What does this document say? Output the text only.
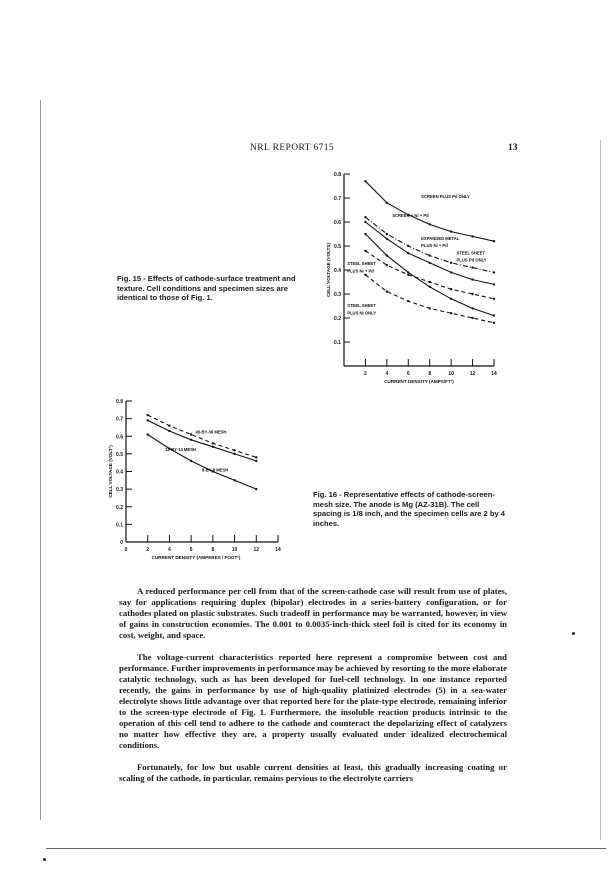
NRL REPORT 6715	13
Fig. 15 - Effects of cathode-surface treatment and texture. Cell conditions and specimen sizes are identical to those of Fig. 1.
0.1
0.2
0.3
0.4
0.5
0.6
0.7
0.8
2	4	6	8	10	12	14
CURRENT DENSITY (AMPS/FT²)
CELL VOLTAGE (VOLTS)
SCREEN PLUS Pd ONLY
SCREEN + Ni + Pd
EXPANDED METAL
PLUS Ni + Pd
STEEL SHEET
PLUS Pd ONLY
STEEL SHEET
PLUS Ni + Pd
STEEL SHEET
PLUS Ni ONLY
0
0.1
0.2
0.3
0.4
0.5
0.6
0.7
0.8
0	2	4	6	8	10	12	14
CURRENT DENSITY (AMPERES / FOOT²)
CELL VOLTAGE (VOLT¹)
40-BY-36 MESH
12-BY-14 MESH
8-BY-8 MESH
Fig. 16 - Representative effects of cathode-screen-mesh size. The anode is Mg (AZ-31B). The cell spacing is 1/8 inch, and the specimen cells are 2 by 4 inches.

A reduced performance per cell from that of the screen-cathode case will result from use of plates, say for applications requiring duplex (bipolar) electrodes in a series-battery configuration, or for cathodes plated on plastic substrates. Such tradeoff in performance may be warranted, however, in view of gains in construction economies. The 0.001 to 0.0035-inch-thick steel foil is cited for its economy in cost, weight, and space.

The voltage-current characteristics reported here represent a compromise between cost and performance. Further improvements in performance may be achieved by resorting to the more elaborate catalytic technology, such as has been developed for fuel-cell technology. In one instance reported recently, the gains in performance by use of high-quality platinized electrodes (5) in a sea-water electrolyte shows little advantage over that reported here for the plate-type electrode, remaining inferior to the screen-type electrode of Fig. 1. Furthermore, the insoluble reaction products intrinsic to the operation of this cell tend to adhere to the cathode and counteract the depolarizing effect of catalyzers no matter how effective they are, a property usually evaluated under idealized electrochemical conditions.

Fortunately, for low but usable current densities at least, this gradually increasing coating or scaling of the cathode, in particular, remains pervious to the electrolyte carriers
